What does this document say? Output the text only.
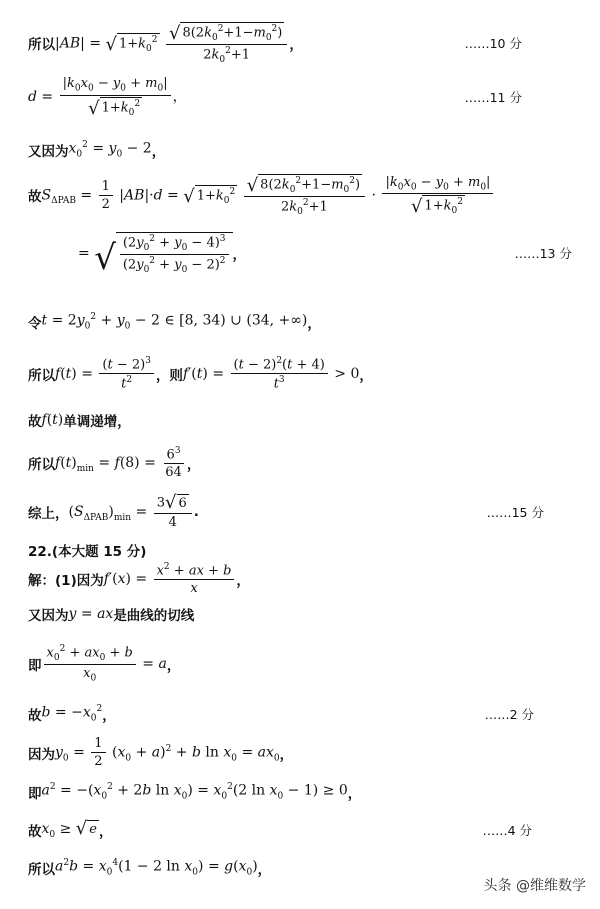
所以 |AB| = √ $1+k_0^2$
$\frac{√ 8(2k_0^2+1-m_0^2)}{2k_0^2+1}$ ，	……10 分
$d = \frac{|k_0x_0 - y_0 + m_0|}{√ 1+k_0^2}$ ，	……11 分
又因为 $x_0^2 = y_0 - 2$ ，
故 $S_{\Delta PAB} = \frac{1}{2} |AB|\cdot d$ = √ $1+k_0^2$
$\frac{√ 8(2k_0^2+1-m_0^2)}{2k_0^2+1} \cdot \frac{|k_0x_0 - y_0 + m_0|}{√ 1+k_0^2}$
= √ $\frac{(2y_0^2 + y_0 - 4)^3}{(2y_0^2 + y_0 - 2)^2}$ ，	……13 分
令 $t = 2y_0^2 + y_0 - 2$ ∈ [8, 34) ∪ (34, +∞) ，
所以 $f(t) = \frac{(t - 2)^3}{t^2}$ ，则 $f'(t) = \frac{(t - 2)^2(t + 4)}{t^3} > 0$ ，
故 f(t) 单调递增，
所以 $f(t)_{min} = f(8) = \frac{6^3}{64}$ ，
综上， $(S_{\Delta PAB})_{min} = \frac{3 √ 6}{4}$ .	……15 分
22.(本大题 15 分)
解：(1)因为 $f'(x) = \frac{x^2 + ax + b}{x}$ ，
又因为 y = ax 是曲线的切线
即 $\frac{x_0^2 + ax_0 + b}{x_0} = a$ ，
故 $b = -x_0^2$ ，	……2 分
因为 $y_0 = \frac{1}{2} (x_0 + a)^2 + b$ $\ln x_0 = ax_0$ ，
即 $a^2 = -(x_0^2 + 2b$ $\ln x_0) = x_0^2(2$ $\ln x_0 - 1) \ge 0$ ，
故 $x_0$ ≥ √ e ，	……4 分
所以 $a^2b = x_0^4(1 - 2$ $\ln x_0) = g(x_0)$ ，
头条 @维维数学
